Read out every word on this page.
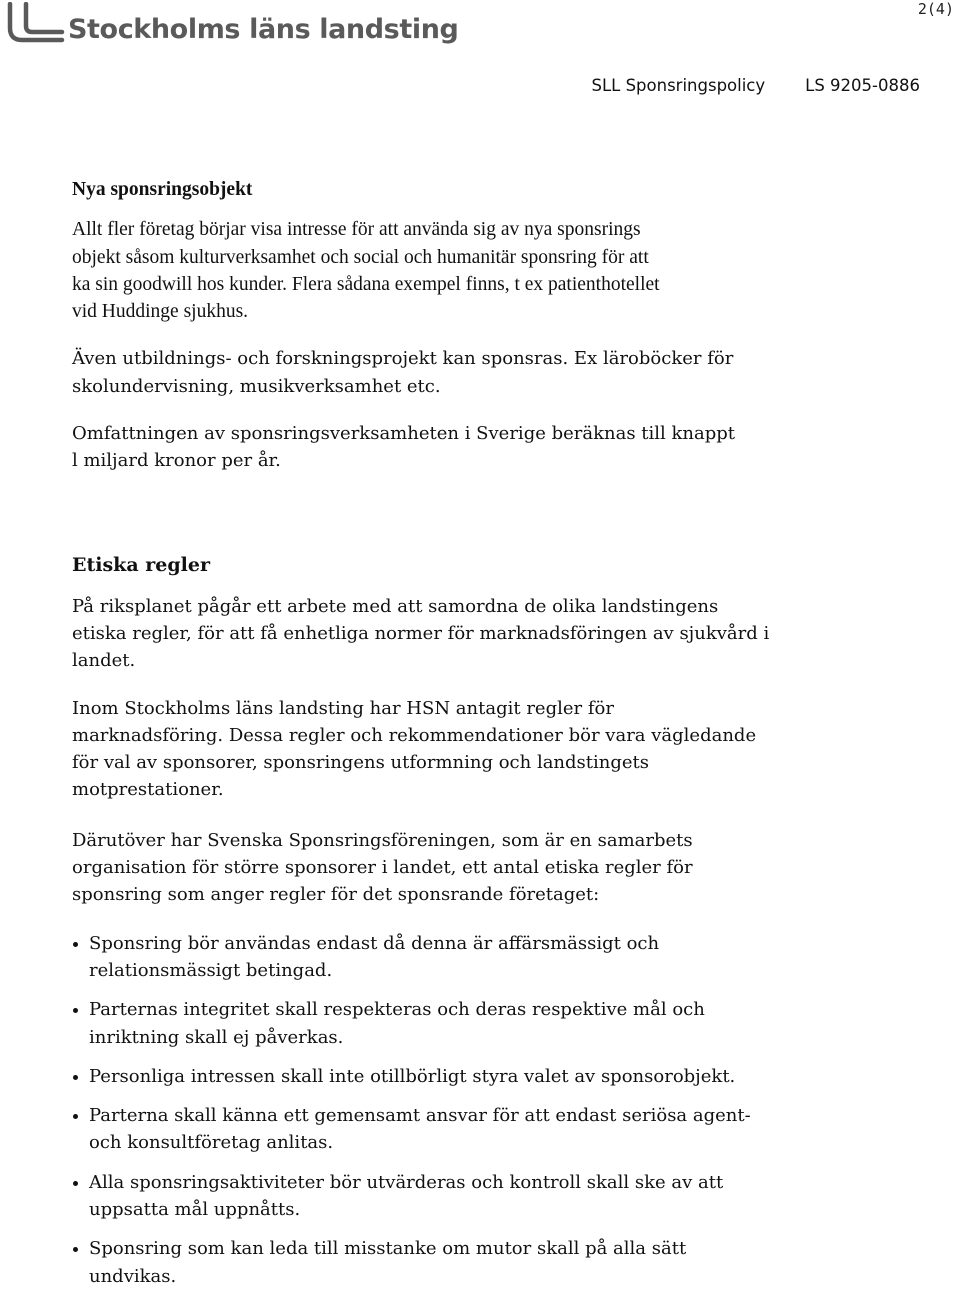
Stockholms läns landsting
2(4)
SLL Sponsringspolicy LS 9205-0886
Nya sponsringsobjekt

Allt fler företag börjar visa intresse för att använda sig av nya sponsrings
objekt såsom kulturverksamhet och social och humanitär sponsring för att
ka sin goodwill hos kunder. Flera sådana exempel finns, t ex patienthotellet
vid Huddinge sjukhus.

Även utbildnings- och forskningsprojekt kan sponsras. Ex läroböcker för
skolundervisning, musikverksamhet etc.

Omfattningen av sponsringsverksamheten i Sverige beräknas till knappt
l miljard kronor per år.

Etiska regler

På riksplanet pågår ett arbete med att samordna de olika landstingens
etiska regler, för att få enhetliga normer för marknadsföringen av sjukvård i
landet.

Inom Stockholms läns landsting har HSN antagit regler för
marknadsföring. Dessa regler och rekommendationer bör vara vägledande
för val av sponsorer, sponsringens utformning och landstingets
motprestationer.

Därutöver har Svenska Sponsringsföreningen, som är en samarbets
organisation för större sponsorer i landet, ett antal etiska regler för
sponsring som anger regler för det sponsrande företaget:

Sponsring bör användas endast då denna är affärsmässigt och
relationsmässigt betingad.
Parternas integritet skall respekteras och deras respektive mål och
inriktning skall ej påverkas.
Personliga intressen skall inte otillbörligt styra valet av sponsorobjekt.
Parterna skall känna ett gemensamt ansvar för att endast seriösa agent-
och konsultföretag anlitas.
Alla sponsringsaktiviteter bör utvärderas och kontroll skall ske av att
uppsatta mål uppnåtts.
Sponsring som kan leda till misstanke om mutor skall på alla sätt
undvikas.
